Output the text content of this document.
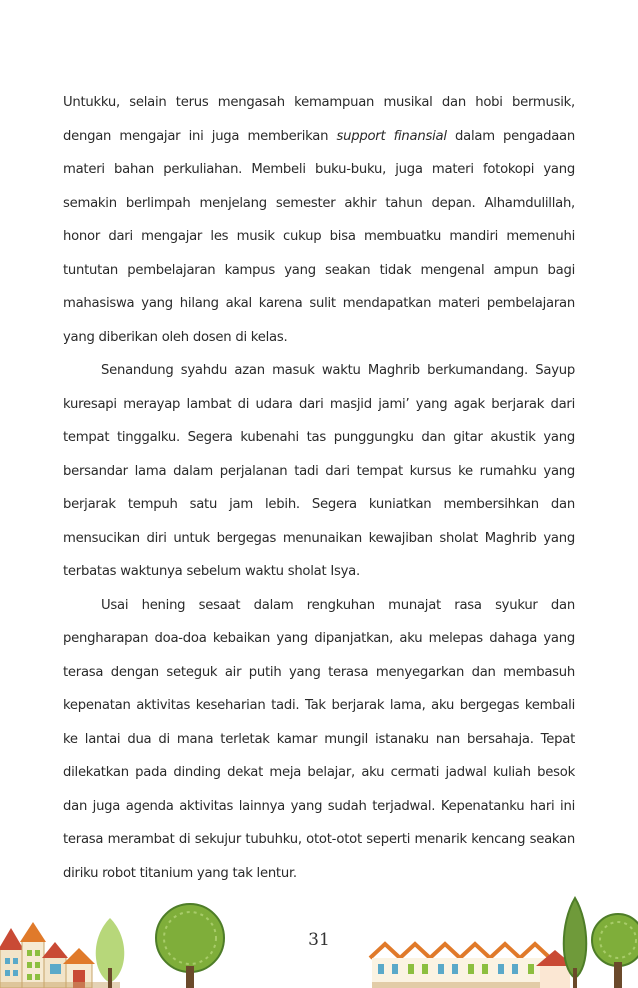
Untukku, selain terus mengasah kemampuan musikal dan hobi bermusik, dengan mengajar ini juga memberikan support finansial dalam pengadaan materi bahan perkuliahan. Membeli buku-buku, juga materi fotokopi yang semakin berlimpah menjelang semester akhir tahun depan. Alhamdulillah, honor dari mengajar les musik cukup bisa membuatku mandiri memenuhi tuntutan pembelajaran kampus yang seakan tidak mengenal ampun bagi mahasiswa yang hilang akal karena sulit mendapatkan materi pembelajaran yang diberikan oleh dosen di kelas.

Senandung syahdu azan masuk waktu Maghrib berkumandang. Sayup kuresapi merayap lambat di udara dari masjid jami’ yang agak berjarak dari tempat tinggalku. Segera kubenahi tas punggungku dan gitar akustik yang bersandar lama dalam perjalanan tadi dari tempat kursus ke rumahku yang berjarak tempuh satu jam lebih. Segera kuniatkan membersihkan dan mensucikan diri untuk bergegas menunaikan kewajiban sholat Maghrib yang terbatas waktunya sebelum waktu sholat Isya.

Usai hening sesaat dalam rengkuhan munajat rasa syukur dan pengharapan doa-doa kebaikan yang dipanjatkan, aku melepas dahaga yang terasa dengan seteguk air putih yang terasa menyegarkan dan membasuh kepenatan aktivitas keseharian tadi. Tak berjarak lama, aku bergegas kembali ke lantai dua di mana terletak kamar mungil istanaku nan bersahaja. Tepat dilekatkan pada dinding dekat meja belajar, aku cermati jadwal kuliah besok dan juga agenda aktivitas lainnya yang sudah terjadwal. Kepenatanku hari ini terasa merambat di sekujur tubuhku, otot-otot seperti menarik kencang seakan diriku robot titanium yang tak lentur.

31
